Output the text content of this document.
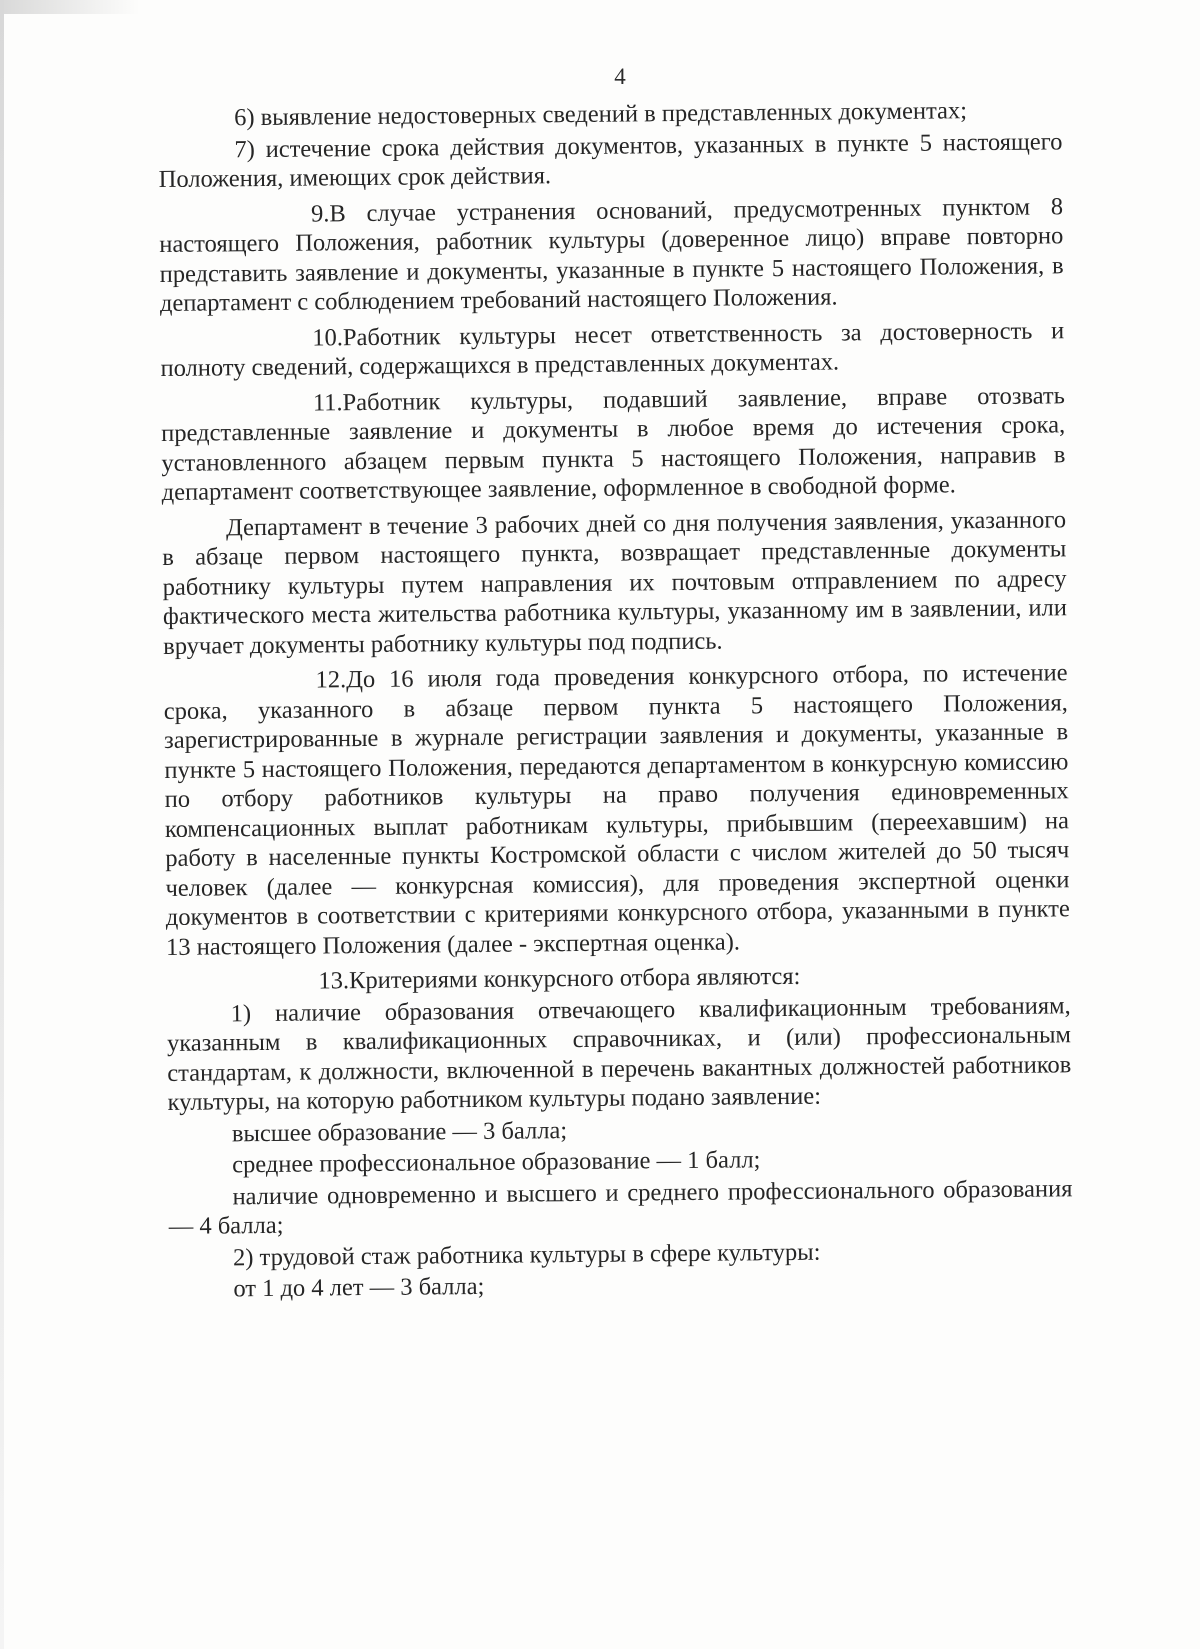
4

6) выявление недостоверных сведений в представленных документах;

7) истечение срока действия документов, указанных в пункте 5 настоящего Положения, имеющих срок действия.

9.В случае устранения оснований, предусмотренных пунктом 8 настоящего Положения, работник культуры (доверенное лицо) вправе повторно представить заявление и документы, указанные в пункте 5 настоящего Положения, в департамент с соблюдением требований настоящего Положения.

10.Работник культуры несет ответственность за достоверность и полноту сведений, содержащихся в представленных документах.

11.Работник культуры, подавший заявление, вправе отозвать представленные заявление и документы в любое время до истечения срока, установленного абзацем первым пункта 5 настоящего Положения, направив в департамент соответствующее заявление, оформленное в свободной форме.

Департамент в течение 3 рабочих дней со дня получения заявления, указанного в абзаце первом настоящего пункта, возвращает представленные документы работнику культуры путем направления их почтовым отправлением по адресу фактического места жительства работника культуры, указанному им в заявлении, или вручает документы работнику культуры под подпись.

12.До 16 июля года проведения конкурсного отбора, по истечение срока, указанного в абзаце первом пункта 5 настоящего Положения, зарегистрированные в журнале регистрации заявления и документы, указанные в пункте 5 настоящего Положения, передаются департаментом в конкурсную комиссию по отбору работников культуры на право получения единовременных компенсационных выплат работникам культуры, прибывшим (переехавшим) на работу в населенные пункты Костромской области с числом жителей до 50 тысяч человек (далее — конкурсная комиссия), для проведения экспертной оценки документов в соответствии с критериями конкурсного отбора, указанными в пункте 13 настоящего Положения (далее - экспертная оценка).

13.Критериями конкурсного отбора являются:

1) наличие образования отвечающего квалификационным требованиям, указанным в квалификационных справочниках, и (или) профессиональным стандартам, к должности, включенной в перечень вакантных должностей работников культуры, на которую работником культуры подано заявление:

высшее образование — 3 балла;

среднее профессиональное образование — 1 балл;

наличие одновременно и высшего и среднего профессионального образования — 4 балла;

2) трудовой стаж работника культуры в сфере культуры:

от 1 до 4 лет — 3 балла;
